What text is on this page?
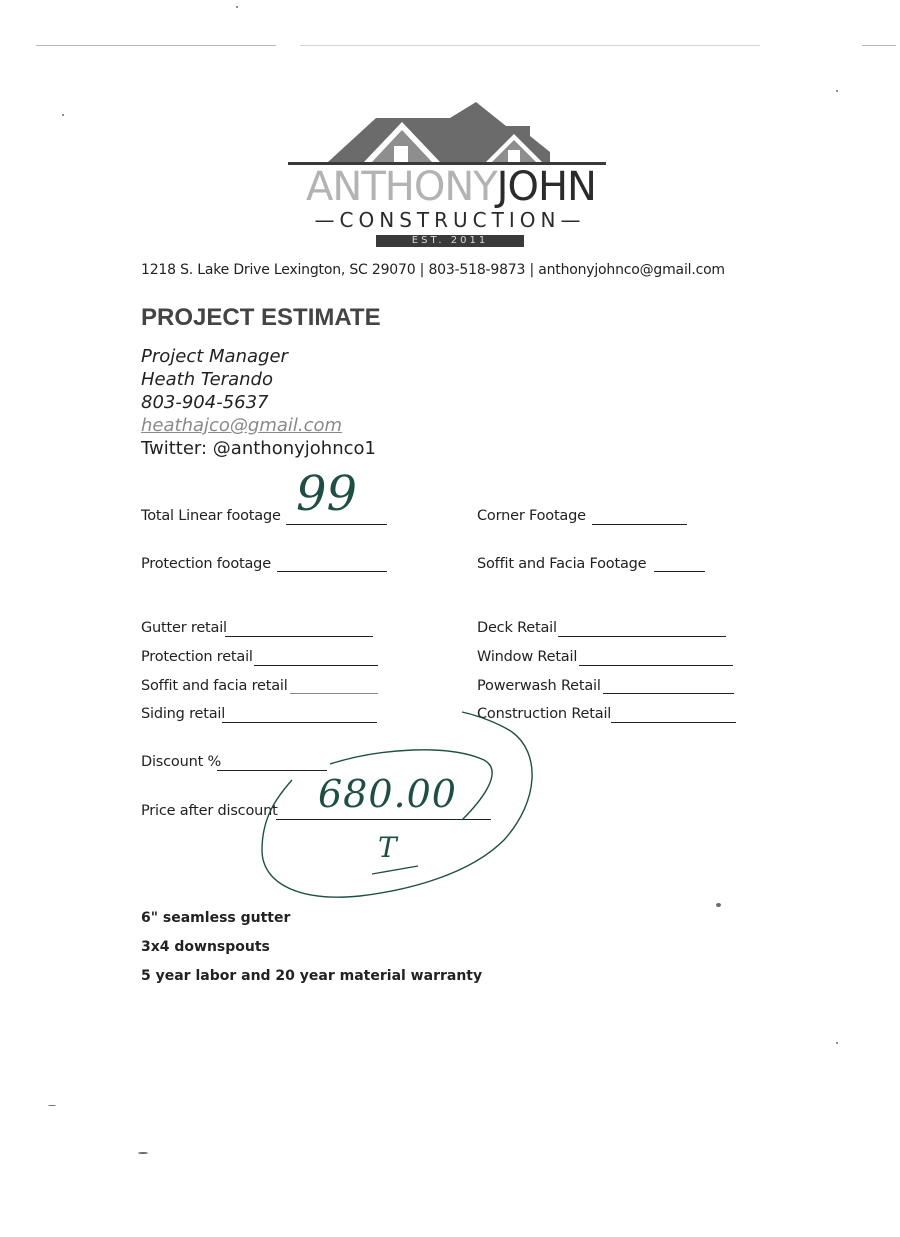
ANTHONYJOHN
—CONSTRUCTION—
EST. 2011
1218 S. Lake Drive Lexington, SC 29070 | 803-518-9873 | anthonyjohnco@gmail.com
PROJECT ESTIMATE
Project Manager
Heath Terando
803-904-5637
heathajco@gmail.com
Twitter: @anthonyjohnco1
Total Linear footage 99	Corner Footage
Protection footage	Soffit and Facia Footage
Gutter retail	Deck Retail
Protection retail	Window Retail
Soffit and facia retail	Powerwash Retail
Siding retail	Construction Retail
Discount %
Price after discount 680.00
T
6" seamless gutter
3x4 downspouts
5 year labor and 20 year material warranty
